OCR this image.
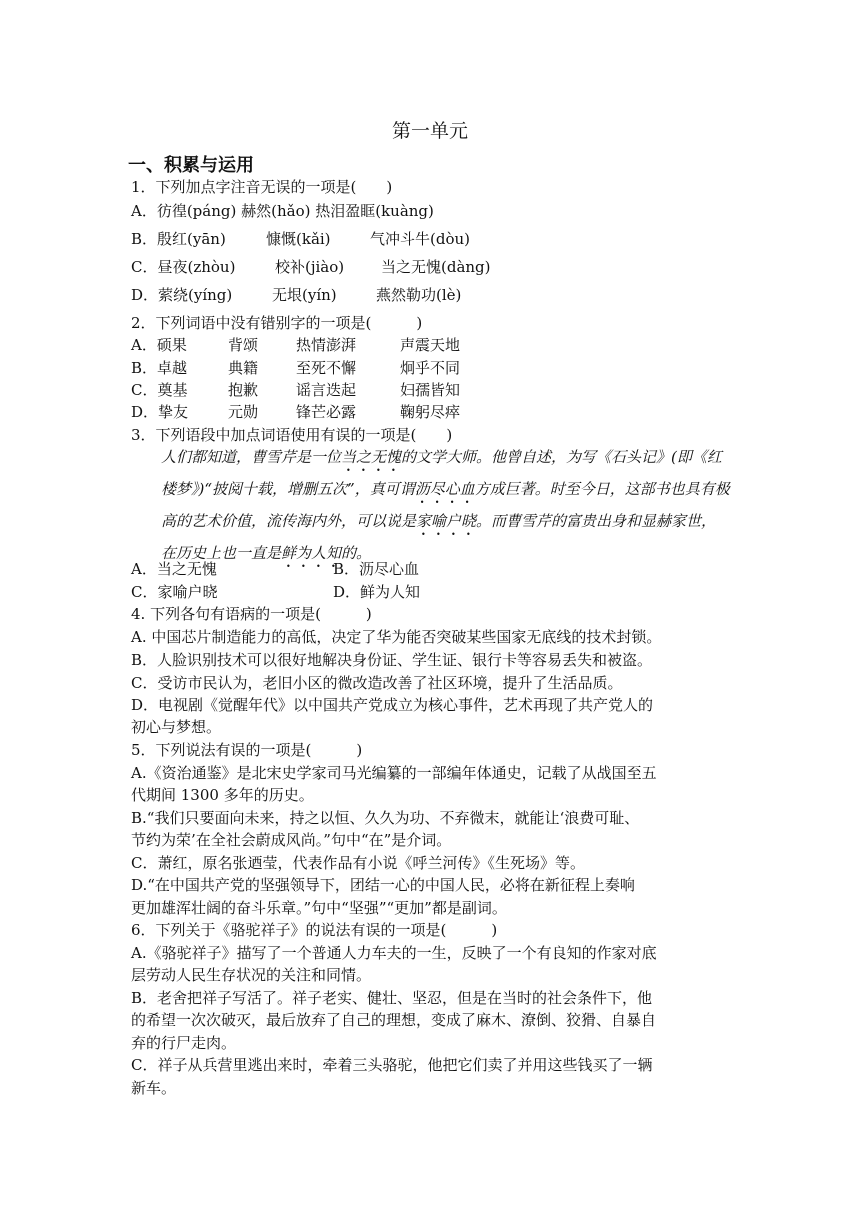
第一单元
一、积累与运用
1．下列加点字注音无误的一项是(　　)
A．彷徨(páng) 赫然(hǎo) 热泪盈眶(kuàng)
B．殷红(yān)	慷慨(kǎi)	气冲斗牛(dòu)
C．昼夜(zhòu)	校补(jiào) 当之无愧(dàng)
D．萦绕(yíng)	无垠(yín)	燕然勒功(lè)
2．下列词语中没有错别字的一项是(　　　)
A．硕果	背颂	热情澎湃	声震天地
B．卓越	典籍	至死不懈	炯乎不同
C．奠基	抱歉	谣言迭起	妇孺皆知
D．挚友	元勋	锋芒必露	鞠躬尽瘁
3．下列语段中加点词语使用有误的一项是(　　)
人们都知道，曹雪芹是一位当之无愧的文学大师。他曾自述，为写《石头记》(即《红楼梦》)“披阅十载，增删五次”，真可谓沥尽心血方成巨著。时至今日，这部书也具有极高的艺术价值，流传海内外，可以说是家喻户晓。而曹雪芹的富贵出身和显赫家世，在历史上也一直是鲜为人知的。
A．当之无愧	B．沥尽心血
C．家喻户晓	D．鲜为人知
4. 下列各句有语病的一项是(　　　)
A. 中国芯片制造能力的高低，决定了华为能否突破某些国家无底线的技术封锁。
B．人脸识别技术可以很好地解决身份证、学生证、银行卡等容易丢失和被盗。
C．受访市民认为，老旧小区的微改造改善了社区环境，提升了生活品质。
D．电视剧《觉醒年代》以中国共产党成立为核心事件，艺术再现了共产党人的
初心与梦想。
5．下列说法有误的一项是(　　　)
A.《资治通鉴》是北宋史学家司马光编纂的一部编年体通史，记载了从战国至五
代期间 1300 多年的历史。
B.“我们只要面向未来，持之以恒、久久为功、不弃微末，就能让‘浪费可耻、
节约为荣’在全社会蔚成风尚。”句中“在”是介词。
C．萧红，原名张迺莹，代表作品有小说《呼兰河传》《生死场》等。
D.“在中国共产党的坚强领导下，团结一心的中国人民，必将在新征程上奏响
更加雄浑壮阔的奋斗乐章。”句中“坚强”“更加”都是副词。
6．下列关于《骆驼祥子》的说法有误的一项是(　　　)
A.《骆驼祥子》描写了一个普通人力车夫的一生，反映了一个有良知的作家对底
层劳动人民生存状况的关注和同情。
B．老舍把祥子写活了。祥子老实、健壮、坚忍，但是在当时的社会条件下，他
的希望一次次破灭，最后放弃了自己的理想，变成了麻木、潦倒、狡猾、自暴自
弃的行尸走肉。
C．祥子从兵营里逃出来时，牵着三头骆驼，他把它们卖了并用这些钱买了一辆
新车。
